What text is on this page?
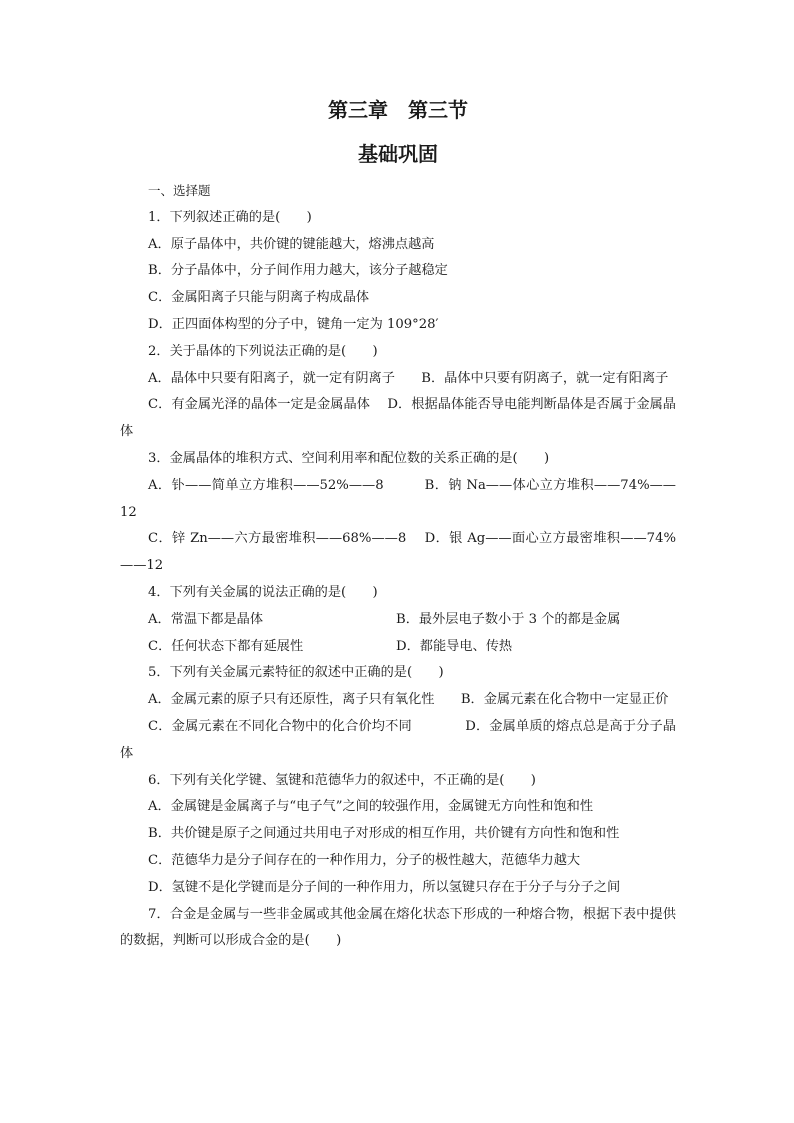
第三章　第三节
基础巩固
一、选择题
1．下列叙述正确的是(　　)
A．原子晶体中，共价键的键能越大，熔沸点越高
B．分子晶体中，分子间作用力越大，该分子越稳定
C．金属阳离子只能与阴离子构成晶体
D．正四面体构型的分子中，键角一定为 109°28′
2．关于晶体的下列说法正确的是(　　)

A．晶体中只要有阳离子，就一定有阴离子　　B．晶体中只要有阴离子，就一定有阳离子

C．有金属光泽的晶体一定是金属晶体　 D．根据晶体能否导电能判断晶体是否属于金属晶体

3．金属晶体的堆积方式、空间利用率和配位数的关系正确的是(　　)

A．钋——简单立方堆积——52%——8　　　B．钠 Na——体心立方堆积——74%——12

C．锌 Zn——六方最密堆积——68%——8　 D．银 Ag——面心立方最密堆积——74%——12

4．下列有关金属的说法正确的是(　　)
A．常温下都是晶体	B．最外层电子数小于 3 个的都是金属
C．任何状态下都有延展性	D．都能导电、传热
5．下列有关金属元素特征的叙述中正确的是(　　)

A．金属元素的原子只有还原性，离子只有氧化性　　B．金属元素在化合物中一定显正价

C．金属元素在不同化合物中的化合价均不同　　　　D．金属单质的熔点总是高于分子晶体

6．下列有关化学键、氢键和范德华力的叙述中，不正确的是(　　)
A．金属键是金属离子与“电子气”之间的较强作用，金属键无方向性和饱和性
B．共价键是原子之间通过共用电子对形成的相互作用，共价键有方向性和饱和性
C．范德华力是分子间存在的一种作用力，分子的极性越大，范德华力越大
D．氢键不是化学键而是分子间的一种作用力，所以氢键只存在于分子与分子之间

7．合金是金属与一些非金属或其他金属在熔化状态下形成的一种熔合物，根据下表中提供的数据，判断可以形成合金的是(　　)
